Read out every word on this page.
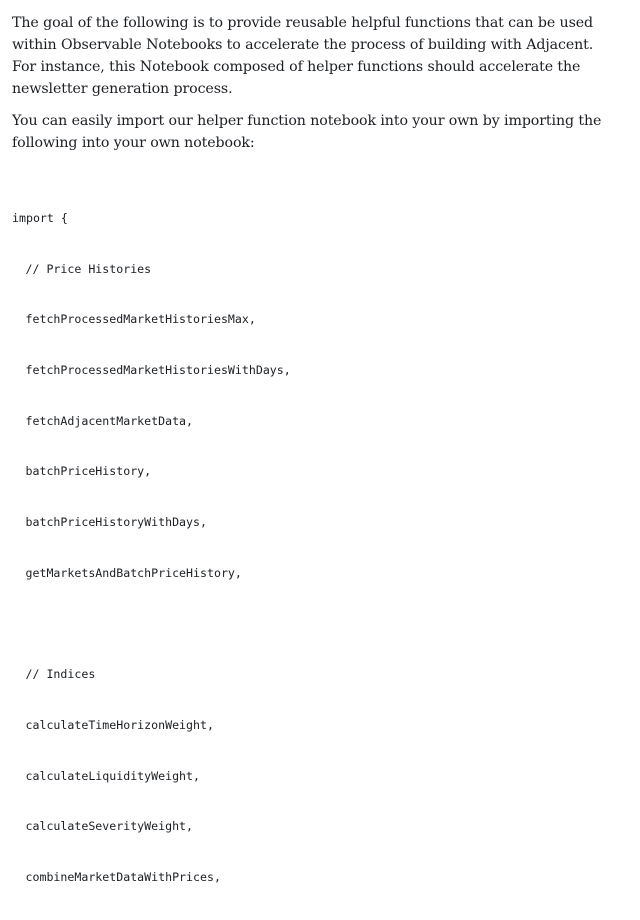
The goal of the following is to provide reusable helpful functions that can be used
within Observable Notebooks to accelerate the process of building with Adjacent.
For instance, this Notebook composed of helper functions should accelerate the
newsletter generation process.

You can easily import our helper function notebook into your own by importing the
following into your own notebook:

import {

// Price Histories

fetchProcessedMarketHistoriesMax,

fetchProcessedMarketHistoriesWithDays,

fetchAdjacentMarketData,

batchPriceHistory,

batchPriceHistoryWithDays,

getMarketsAndBatchPriceHistory,

// Indices

calculateTimeHorizonWeight,

calculateLiquidityWeight,

calculateSeverityWeight,

combineMarketDataWithPrices,
